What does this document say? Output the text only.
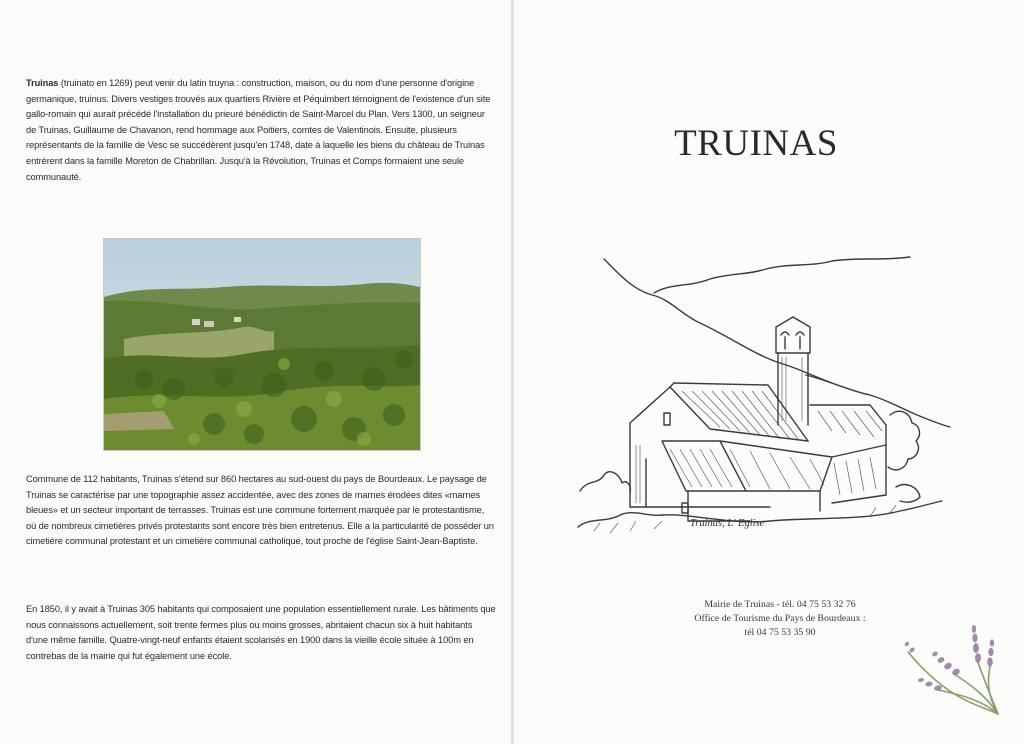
Truinas (truinato en 1269) peut venir du latin truyna : construction, maison, ou du nom d'une personne d'origine germanique, truinus. Divers vestiges trouvés aux quartiers Rivière et Péquimbert témoignent de l'existence d'un site gallo-romain qui aurait précédé l'installation du prieuré bénédictin de Saint-Marcel du Plan. Vers 1300, un seigneur de Truinas, Guillaume de Chavanon, rend hommage aux Poitiers, comtes de Valentinois. Ensuite, plusieurs représentants de la famille de Vesc se succédèrent jusqu'en 1748, date à laquelle les biens du château de Truinas entrèrent dans la famille Moreton de Chabrillan. Jusqu'à la Révolution, Truinas et Comps formaient une seule communauté.

Commune de 112 habitants, Truinas s'étend sur 860 hectares au sud-ouest du pays de Bourdeaux. Le paysage de Truinas se caractérise par une topographie assez accidentée, avec des zones de marnes érodées dites «marnes bleues» et un secteur important de terrasses. Truinas est une commune fortement marquée par le protestantisme, où de nombreux cimetières privés protestants sont encore très bien entretenus. Elle a la particularité de posséder un cimetière communal protestant et un cimetière communal catholique, tout proche de l'église Saint-Jean-Baptiste.

En 1850, il y avait à Truinas 305 habitants qui composaient une population essentiellement rurale. Les bâtiments que nous connaissons actuellement, soit trente fermes plus ou moins grosses, abritaient chacun six à huit habitants d'une même famille. Quatre-vingt-neuf enfants étaient scolarisés en 1900 dans la vieille école située à 100m en contrebas de la mairie qui fut également une école.

TRUINAS
Truinas, L' Eglise
Mairie de Truinas - tél. 04 75 53 32 76
Office de Tourisme du Pays de Bourdeaux :
tél 04 75 53 35 90
